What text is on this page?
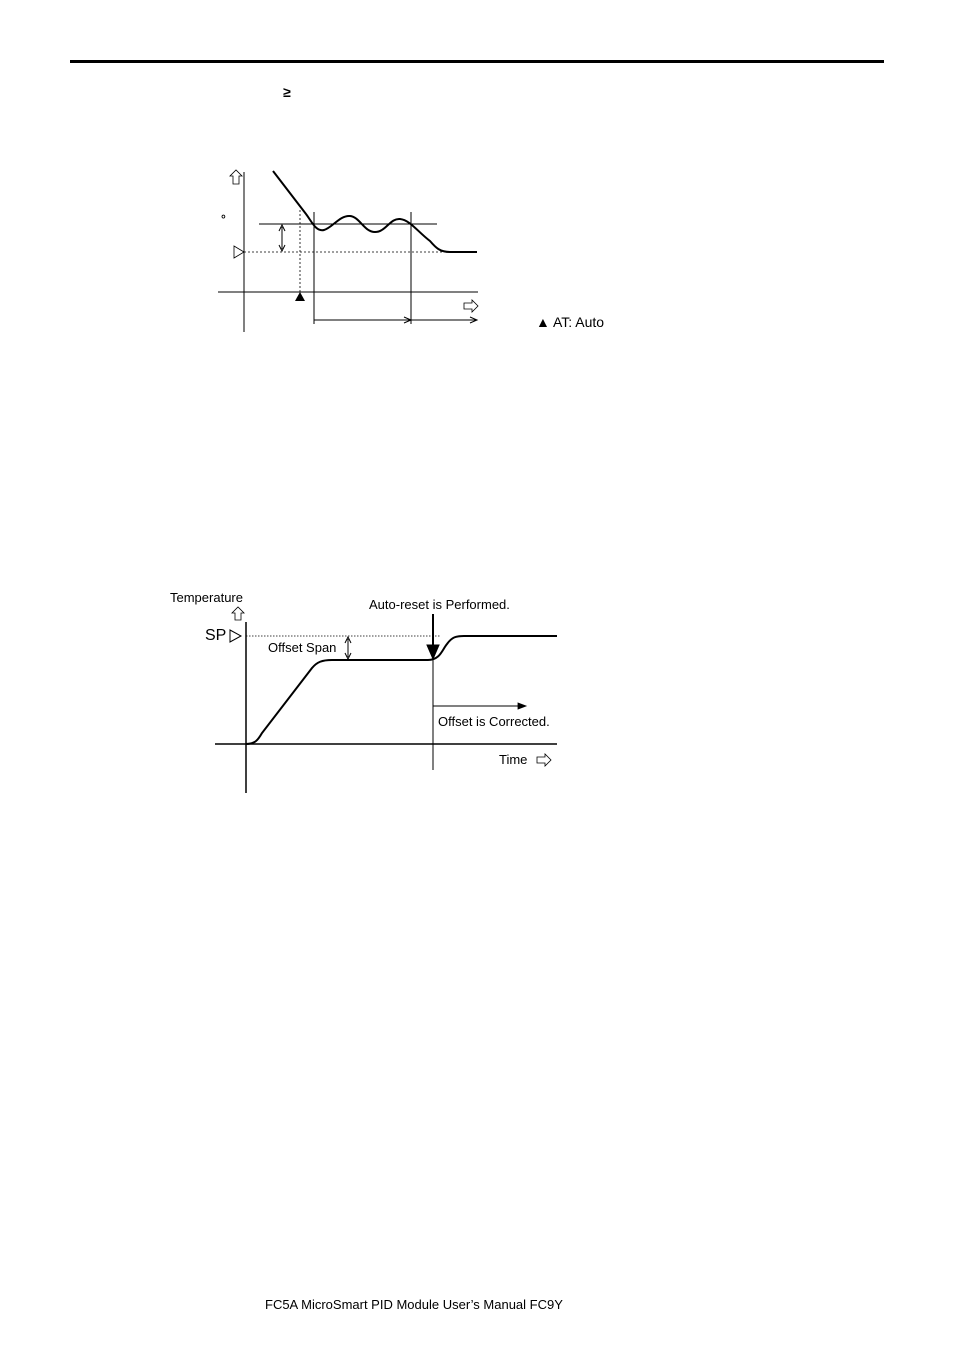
≥
°
▲ AT: Auto
Temperature
SP
Offset Span
Auto-reset is Performed.
Offset is Corrected.
Time
FC5A MicroSmart PID Module User’s Manual FC9Y
